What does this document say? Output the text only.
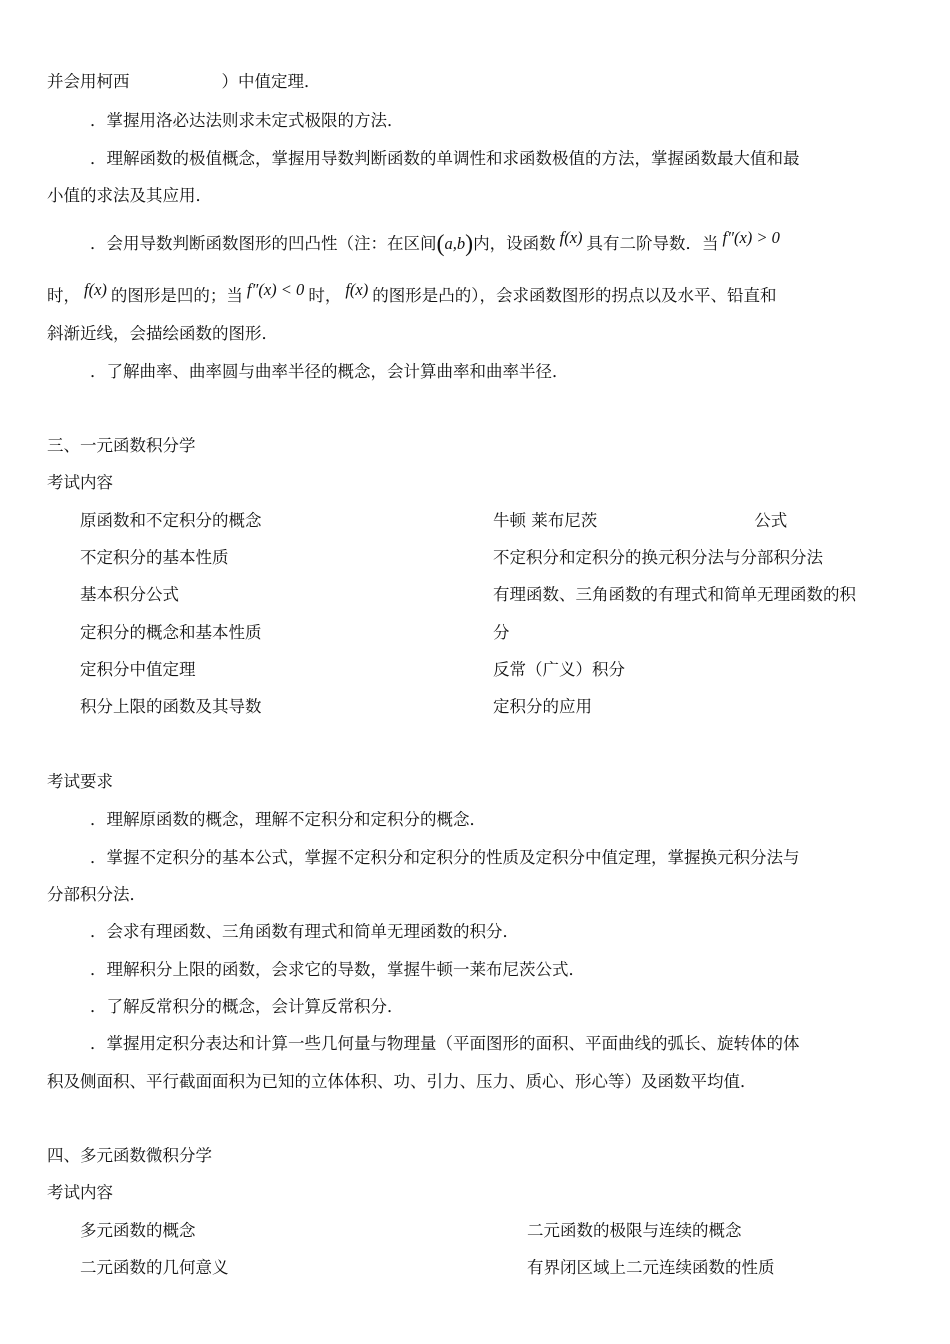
并会用柯西	）中值定理．
．掌握用洛必达法则求未定式极限的方法．
．理解函数的极值概念，掌握用导数判断函数的单调性和求函数极值的方法，掌握函数最大值和最
小值的求法及其应用．
．会用导数判断函数图形的凹凸性（注：在区间(a,b)内，设函数 f(x) 具有二阶导数．当 f″(x) > 0
时， f(x) 的图形是凹的；当 f″(x) < 0 时， f(x) 的图形是凸的），会求函数图形的拐点以及水平、铅直和
斜渐近线，会描绘函数的图形．
．了解曲率、曲率圆与曲率半径的概念，会计算曲率和曲率半径．
三、一元函数积分学
考试内容
原函数和不定积分的概念
不定积分的基本性质
基本积分公式
定积分的概念和基本性质
定积分中值定理
积分上限的函数及其导数
牛顿 莱布尼茨	公式
不定积分和定积分的换元积分法与分部积分法
有理函数、三角函数的有理式和简单无理函数的积
分
反常（广义）积分
定积分的应用
考试要求
．理解原函数的概念，理解不定积分和定积分的概念．
．掌握不定积分的基本公式，掌握不定积分和定积分的性质及定积分中值定理，掌握换元积分法与
分部积分法．
．会求有理函数、三角函数有理式和简单无理函数的积分．
．理解积分上限的函数，会求它的导数，掌握牛顿一莱布尼茨公式．
．了解反常积分的概念，会计算反常积分．
．掌握用定积分表达和计算一些几何量与物理量（平面图形的面积、平面曲线的弧长、旋转体的体
积及侧面积、平行截面面积为已知的立体体积、功、引力、压力、质心、形心等）及函数平均值．
四、多元函数微积分学
考试内容
多元函数的概念
二元函数的几何意义
二元函数的极限与连续的概念
有界闭区域上二元连续函数的性质
